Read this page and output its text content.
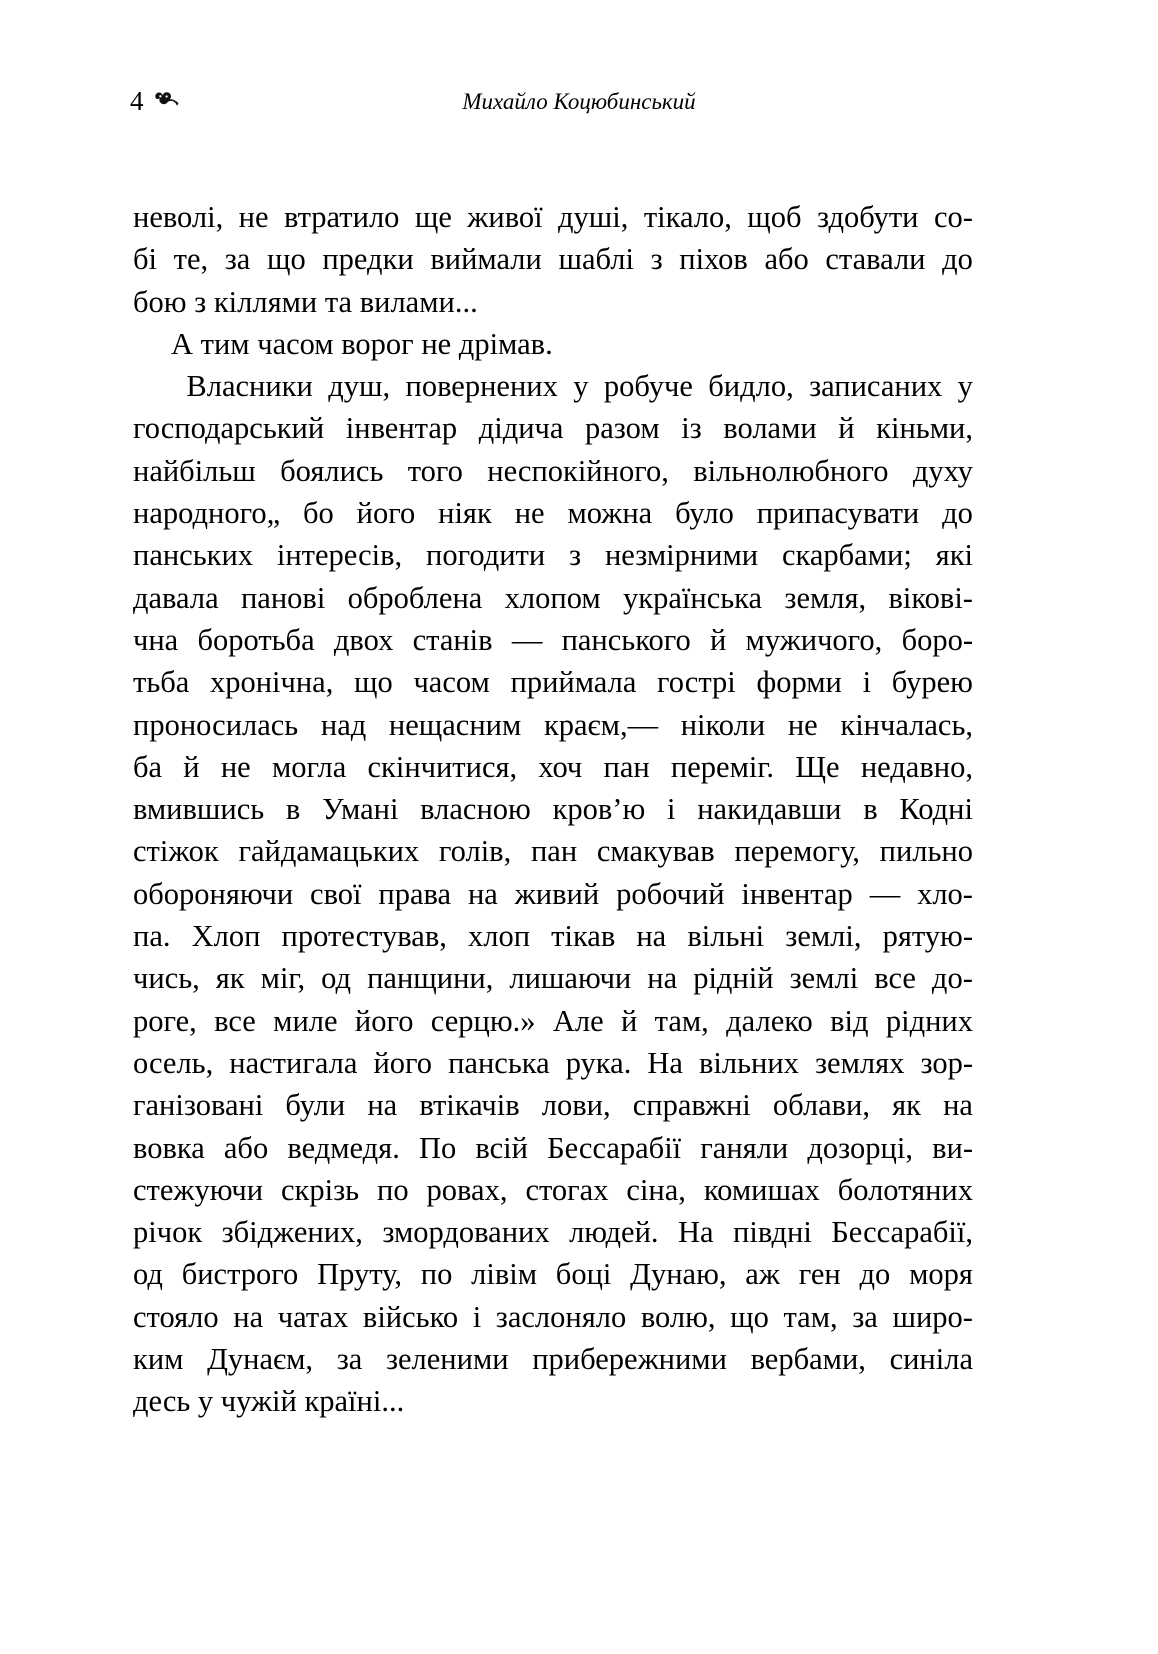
4	Михайло Коцюбинський

неволі, не втратило ще живої душі, тікало, щоб здобути со-
бі те, за що предки виймали шаблі з піхов або ставали до
бою з кіллями та вилами...

А тим часом ворог не дрімав.

Власники душ, повернених у робуче бидло, записаних у
господарський інвентар дідича разом із волами й кіньми,
найбільш боялись того неспокійного, вільнолюбного духу
народного„ бо його ніяк не можна було припасувати до
панських інтересів, погодити з незмірними скарбами; які
давала панові оброблена хлопом українська земля, вікові-
чна боротьба двох станів — панського й мужичого, боро-
тьба хронічна, що часом приймала гострі форми і бурею
проносилась над нещасним краєм,— ніколи не кінчалась,
ба й не могла скінчитися, хоч пан переміг. Ще недавно,
вмившись в Умані власною кров’ю і накидавши в Кодні
стіжок гайдамацьких голів, пан смакував перемогу, пильно
обороняючи свої права на живий робочий інвентар — хло-
па. Хлоп протестував, хлоп тікав на вільні землі, рятую-
чись, як міг, од панщини, лишаючи на рідній землі все до-
роге, все миле його серцю.» Але й там, далеко від рідних
осель, настигала його панська рука. На вільних землях зор-
ганізовані були на втікачів лови, справжні облави, як на
вовка або ведмедя. По всій Бессарабії ганяли дозорці, ви-
стежуючи скрізь по ровах, стогах сіна, комишах болотяних
річок збіджених, змордованих людей. На півдні Бессарабії,
од бистрого Пруту, по лівім боці Дунаю, аж ген до моря
стояло на чатах військо і заслоняло волю, що там, за широ-
ким Дунаєм, за зеленими прибережними вербами, синіла
десь у чужій країні...
